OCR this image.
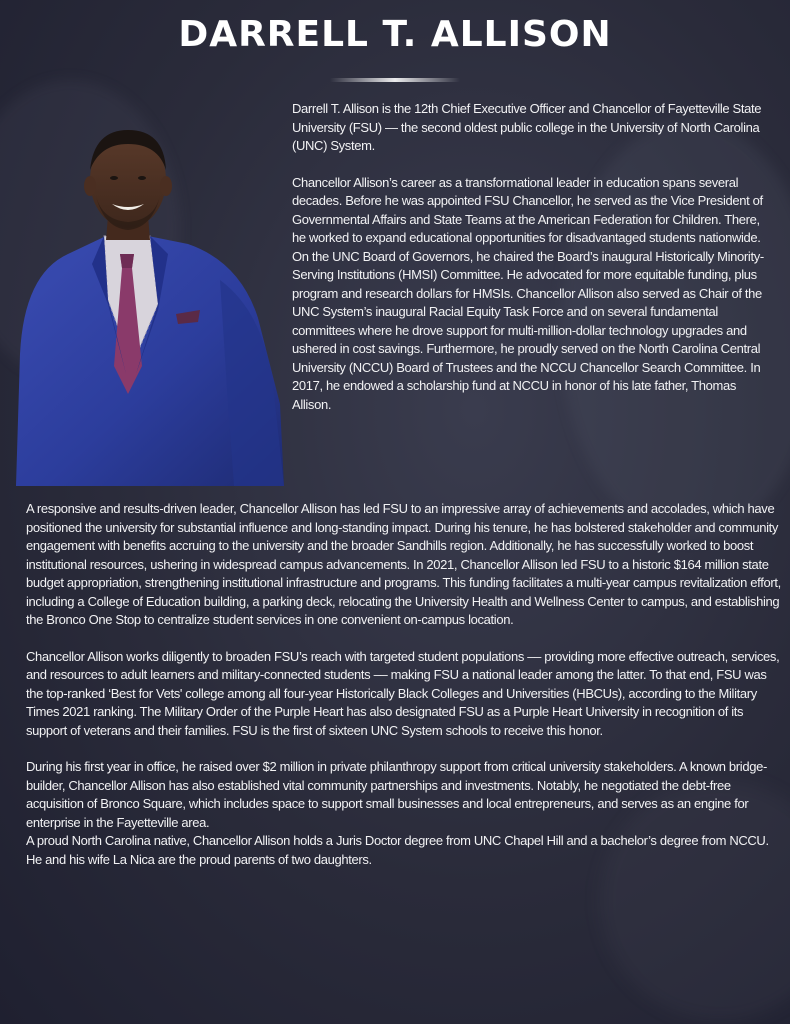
DARRELL T. ALLISON

Darrell T. Allison is the 12th Chief Executive Officer and Chancellor of Fayetteville State University (FSU) — the second oldest public college in the University of North Carolina (UNC) System.

Chancellor Allison’s career as a transformational leader in education spans several decades. Before he was appointed FSU Chancellor, he served as the Vice President of Governmental Affairs and State Teams at the American Federation for Children. There, he worked to expand educational opportunities for disadvantaged students nationwide. On the UNC Board of Governors, he chaired the Board’s inaugural Historically Minority-Serving Institutions (HMSI) Committee. He advocated for more equitable funding, plus program and research dollars for HMSIs. Chancellor Allison also served as Chair of the UNC System’s inaugural Racial Equity Task Force and on several fundamental committees where he drove support for multi-million-dollar technology upgrades and ushered in cost savings. Furthermore, he proudly served on the North Carolina Central University (NCCU) Board of Trustees and the NCCU Chancellor Search Committee. In 2017, he endowed a scholarship fund at NCCU in honor of his late father, Thomas Allison.

A responsive and results-driven leader, Chancellor Allison has led FSU to an impressive array of achievements and accolades, which have positioned the university for substantial influence and long-standing impact. During his tenure, he has bolstered stakeholder and community engagement with benefits accruing to the university and the broader Sandhills region. Additionally, he has successfully worked to boost institutional resources, ushering in widespread campus advancements. In 2021, Chancellor Allison led FSU to a historic $164 million state budget appropriation, strengthening institutional infrastructure and programs. This funding facilitates a multi-year campus revitalization effort, including a College of Education building, a parking deck, relocating the University Health and Wellness Center to campus, and establishing the Bronco One Stop to centralize student services in one convenient on-campus location.

Chancellor Allison works diligently to broaden FSU’s reach with targeted student populations –– providing more effective outreach, services, and resources to adult learners and military-connected students –– making FSU a national leader among the latter. To that end, FSU was the top-ranked ‘Best for Vets' college among all four-year Historically Black Colleges and Universities (HBCUs), according to the Military Times 2021 ranking. The Military Order of the Purple Heart has also designated FSU as a Purple Heart University in recognition of its support of veterans and their families. FSU is the first of sixteen UNC System schools to receive this honor.

During his first year in office, he raised over $2 million in private philanthropy support from critical university stakeholders. A known bridge-builder, Chancellor Allison has also established vital community partnerships and investments. Notably, he negotiated the debt-free acquisition of Bronco Square, which includes space to support small businesses and local entrepreneurs, and serves as an engine for enterprise in the Fayetteville area.

A proud North Carolina native, Chancellor Allison holds a Juris Doctor degree from UNC Chapel Hill and a bachelor’s degree from NCCU. He and his wife La Nica are the proud parents of two daughters.
